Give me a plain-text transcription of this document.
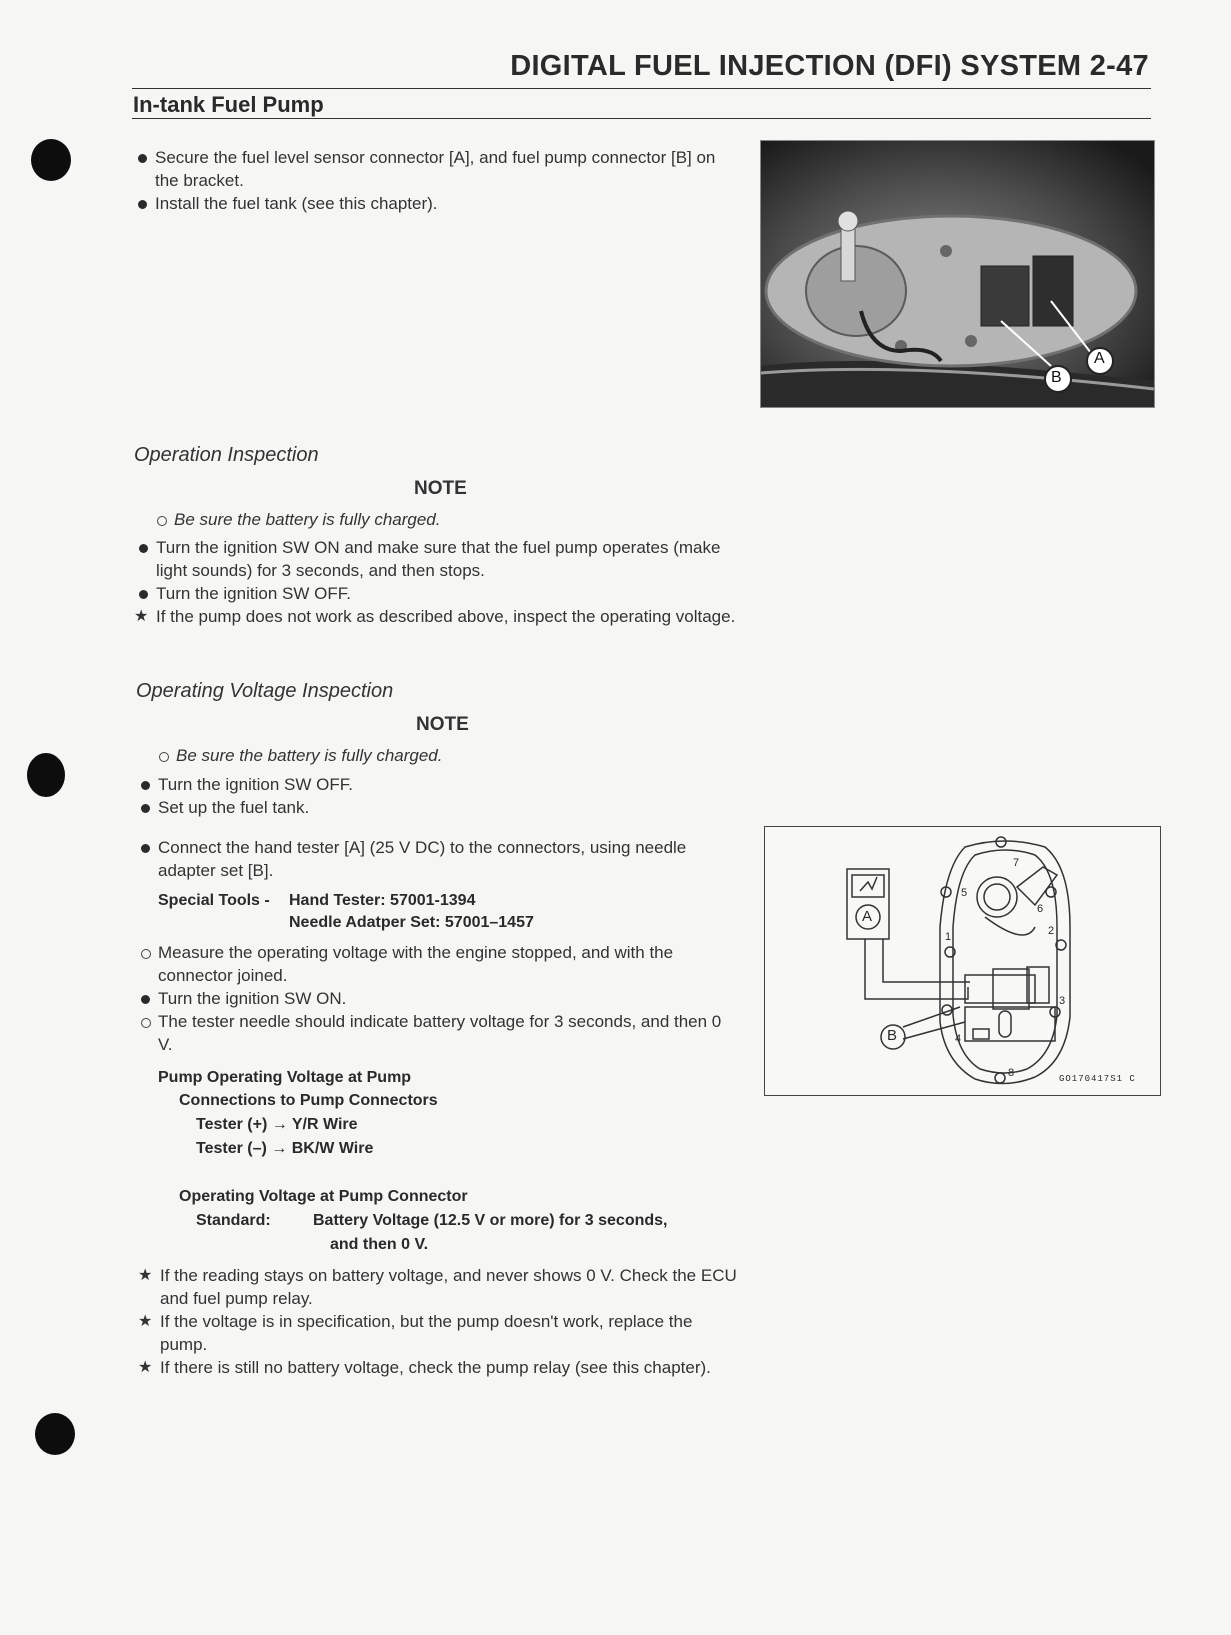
DIGITAL FUEL INJECTION (DFI) SYSTEM 2-47
In-tank Fuel Pump

Secure the fuel level sensor connector [A], and fuel pump connector [B] on the bracket.

Install the fuel tank (see this chapter).

B
A
Operation Inspection
NOTE

Be sure the battery is fully charged.

Turn the ignition SW ON and make sure that the fuel pump operates (make light sounds) for 3 seconds, and then stops.

Turn the ignition SW OFF.

★ If the pump does not work as described above, inspect the operating voltage.

Operating Voltage Inspection
NOTE

Be sure the battery is fully charged.

Turn the ignition SW OFF.

Set up the fuel tank.

Connect the hand tester [A] (25 V DC) to the connectors, using needle adapter set [B].

Special Tools - Hand Tester: 57001-1394
Needle Adatper Set: 57001–1457

Measure the operating voltage with the engine stopped, and with the connector joined.

Turn the ignition SW ON.

The tester needle should indicate battery voltage for 3 seconds, and then 0 V.

Pump Operating Voltage at Pump
Connections to Pump Connectors
Tester (+) → Y/R Wire
Tester (–) → BK/W Wire
Operating Voltage at Pump Connector
Standard:	Battery Voltage (12.5 V or more) for 3 seconds,
and then 0 V.

★ If the reading stays on battery voltage, and never shows 0 V. Check the ECU and fuel pump relay.

★ If the voltage is in specification, but the pump doesn't work, replace the pump.

★ If there is still no battery voltage, check the pump relay (see this chapter).

A
B
1	2
3
4
5
6
7
8	GO170417S1 C
